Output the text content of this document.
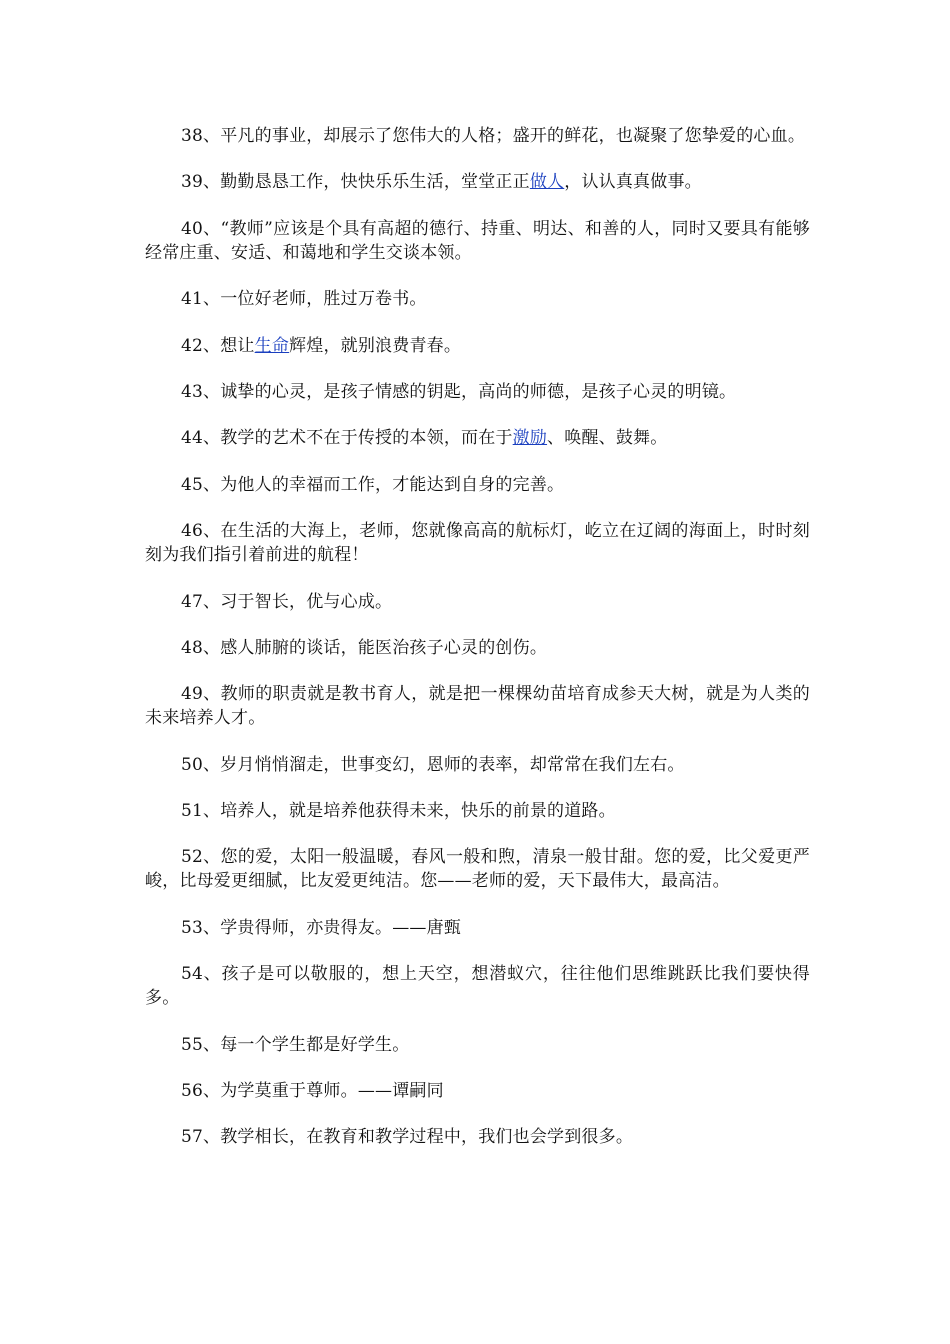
38、平凡的事业，却展示了您伟大的人格；盛开的鲜花，也凝聚了您挚爱的心血。

39、勤勤恳恳工作，快快乐乐生活，堂堂正正做人，认认真真做事。

40、“教师”应该是个具有高超的德行、持重、明达、和善的人，同时又要具有能够经常庄重、安适、和蔼地和学生交谈本领。

41、一位好老师，胜过万卷书。

42、想让生命辉煌，就别浪费青春。

43、诚挚的心灵，是孩子情感的钥匙，高尚的师德，是孩子心灵的明镜。

44、教学的艺术不在于传授的本领，而在于激励、唤醒、鼓舞。

45、为他人的幸福而工作，才能达到自身的完善。

46、在生活的大海上，老师，您就像高高的航标灯，屹立在辽阔的海面上，时时刻刻为我们指引着前进的航程！

47、习于智长，优与心成。

48、感人肺腑的谈话，能医治孩子心灵的创伤。

49、教师的职责就是教书育人，就是把一棵棵幼苗培育成参天大树，就是为人类的未来培养人才。

50、岁月悄悄溜走，世事变幻，恩师的表率，却常常在我们左右。

51、培养人，就是培养他获得未来，快乐的前景的道路。

52、您的爱，太阳一般温暖，春风一般和煦，清泉一般甘甜。您的爱，比父爱更严峻，比母爱更细腻，比友爱更纯洁。您——老师的爱，天下最伟大，最高洁。

53、学贵得师，亦贵得友。——唐甄

54、孩子是可以敬服的，想上天空，想潜蚁穴，往往他们思维跳跃比我们要快得多。

55、每一个学生都是好学生。

56、为学莫重于尊师。——谭嗣同

57、教学相长，在教育和教学过程中，我们也会学到很多。
